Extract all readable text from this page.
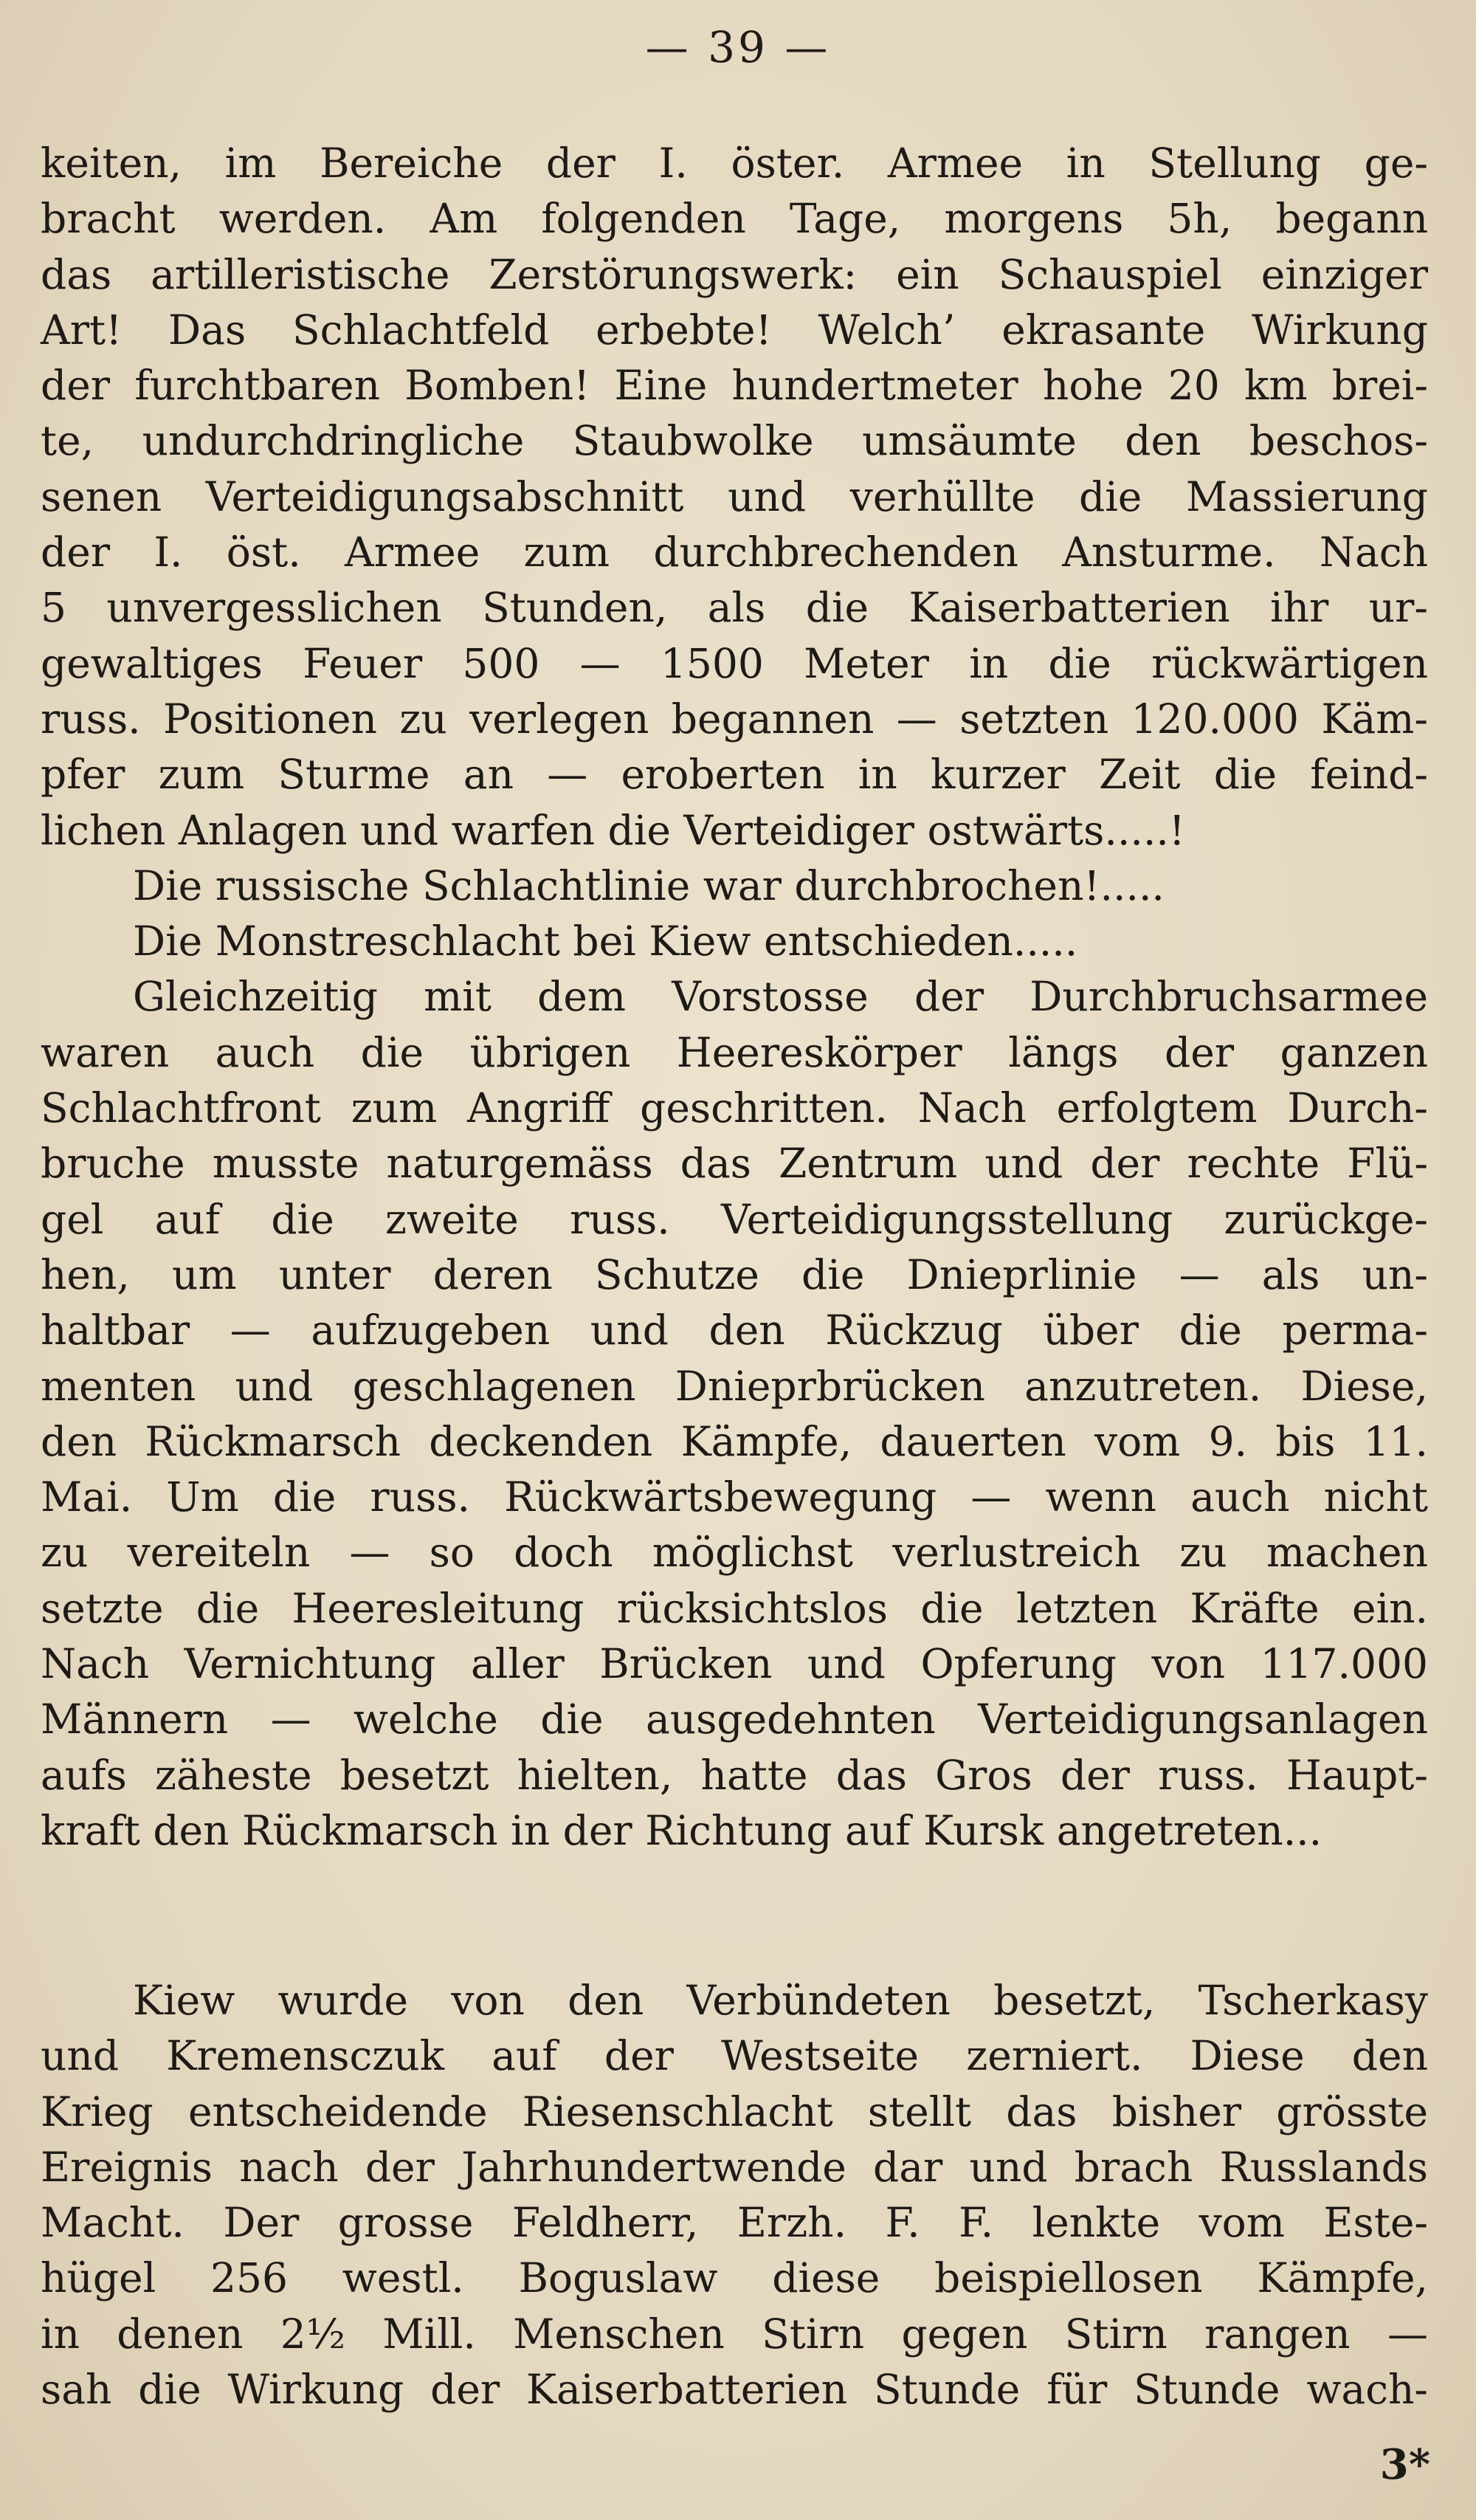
— 39 —
keiten, im Bereiche der I. öster. Armee in Stellung ge-
bracht werden. Am folgenden Tage, morgens 5h, begann
das artilleristische Zerstörungswerk: ein Schauspiel einziger
Art! Das Schlachtfeld erbebte! Welch’ ekrasante Wirkung
der furchtbaren Bomben! Eine hundertmeter hohe 20 km brei-
te, undurchdringliche Staubwolke umsäumte den beschos-
senen Verteidigungsabschnitt und verhüllte die Massierung
der I. öst. Armee zum durchbrechenden Ansturme. Nach
5 unvergesslichen Stunden, als die Kaiserbatterien ihr ur-
gewaltiges Feuer 500 — 1500 Meter in die rückwärtigen
russ. Positionen zu verlegen begannen — setzten 120.000 Käm-
pfer zum Sturme an — eroberten in kurzer Zeit die feind-
lichen Anlagen und warfen die Verteidiger ostwärts.....!
Die russische Schlachtlinie war durchbrochen!.....
Die Monstreschlacht bei Kiew entschieden.....
Gleichzeitig mit dem Vorstosse der Durchbruchsarmee
waren auch die übrigen Heereskörper längs der ganzen
Schlachtfront zum Angriff geschritten. Nach erfolgtem Durch-
bruche musste naturgemäss das Zentrum und der rechte Flü-
gel auf die zweite russ. Verteidigungsstellung zurückge-
hen, um unter deren Schutze die Dnieprlinie — als un-
haltbar — aufzugeben und den Rückzug über die perma-
menten und geschlagenen Dnieprbrücken anzutreten. Diese,
den Rückmarsch deckenden Kämpfe, dauerten vom 9. bis 11.
Mai. Um die russ. Rückwärtsbewegung — wenn auch nicht
zu vereiteln — so doch möglichst verlustreich zu machen
setzte die Heeresleitung rücksichtslos die letzten Kräfte ein.
Nach Vernichtung aller Brücken und Opferung von 117.000
Männern — welche die ausgedehnten Verteidigungsanlagen
aufs zäheste besetzt hielten, hatte das Gros der russ. Haupt-
kraft den Rückmarsch in der Richtung auf Kursk angetreten...
Kiew wurde von den Verbündeten besetzt, Tscherkasy
und Kremensczuk auf der Westseite zerniert. Diese den
Krieg entscheidende Riesenschlacht stellt das bisher grösste
Ereignis nach der Jahrhundertwende dar und brach Russlands
Macht. Der grosse Feldherr, Erzh. F. F. lenkte vom Este-
hügel 256 westl. Boguslaw diese beispiellosen Kämpfe,
in denen 2½ Mill. Menschen Stirn gegen Stirn rangen —
sah die Wirkung der Kaiserbatterien Stunde für Stunde wach-
3*
